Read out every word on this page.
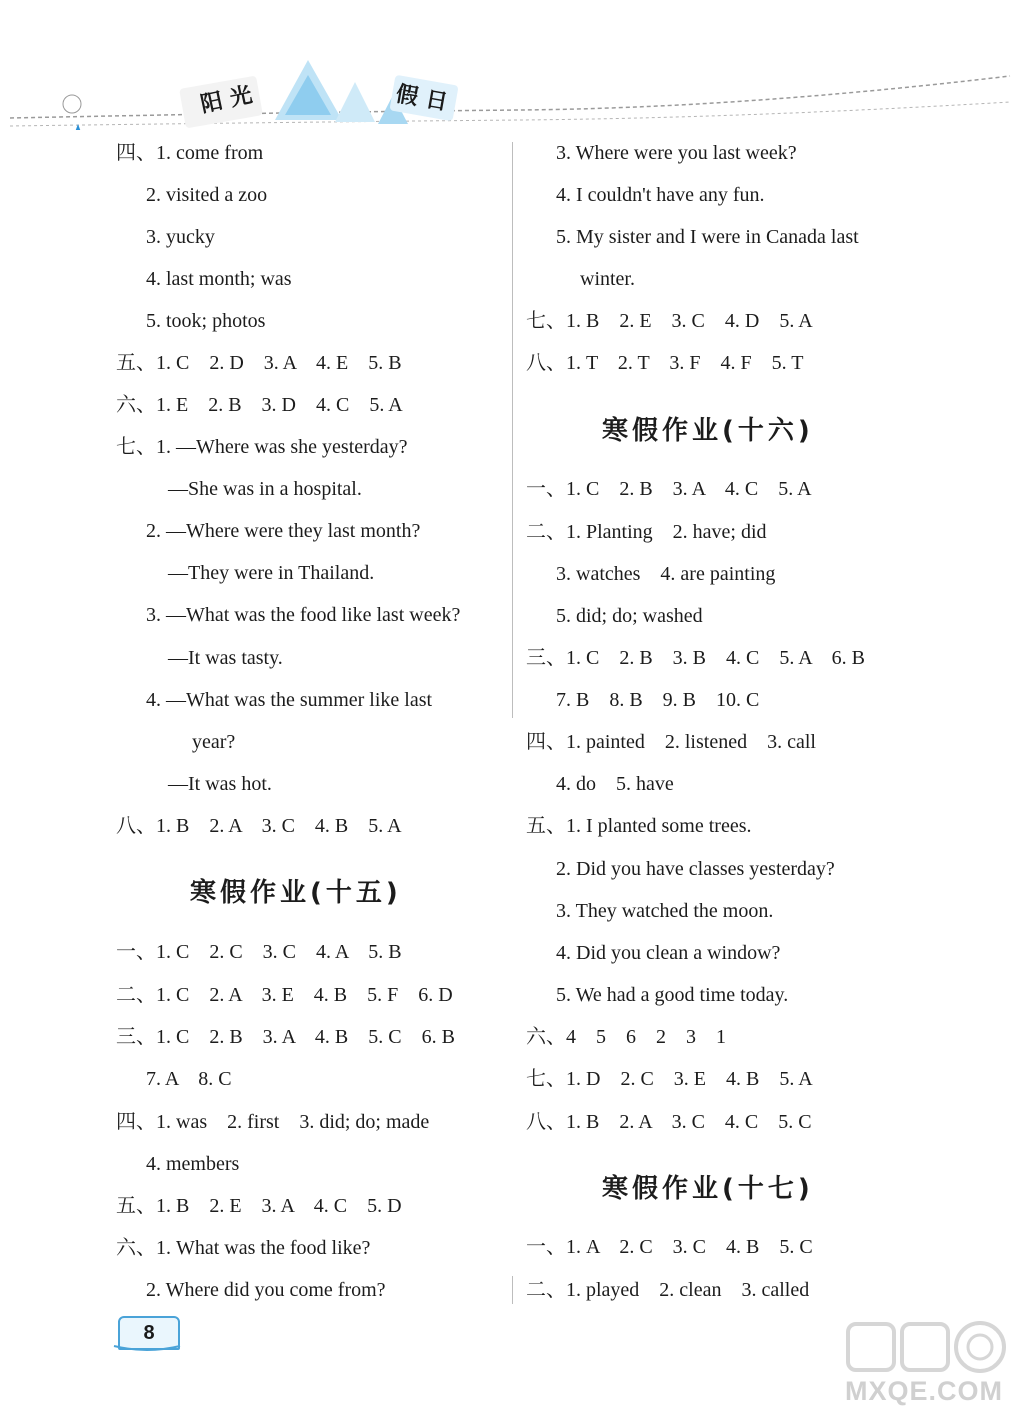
阳光	假日
四、1. come from
2. visited a zoo
3. yucky
4. last month; was
5. took; photos
五、1. C    2. D    3. A    4. E    5. B
六、1. E    2. B    3. D    4. C    5. A
七、1. —Where was she yesterday?
—She was in a hospital.
2. —Where were they last month?
—They were in Thailand.
3. —What was the food like last week?
—It was tasty.
4. —What was the summer like last
year?
—It was hot.
八、1. B    2. A    3. C    4. B    5. A
寒假作业(十五)
一、1. C    2. C    3. C    4. A    5. B
二、1. C    2. A    3. E    4. B    5. F    6. D
三、1. C    2. B    3. A    4. B    5. C    6. B
7. A    8. C
四、1. was    2. first    3. did; do; made
4. members
五、1. B    2. E    3. A    4. C    5. D
六、1. What was the food like?
2. Where did you come from?
3. Where were you last week?
4. I couldn't have any fun.
5. My sister and I were in Canada last
winter.
七、1. B    2. E    3. C    4. D    5. A
八、1. T    2. T    3. F    4. F    5. T
寒假作业(十六)
一、1. C    2. B    3. A    4. C    5. A
二、1. Planting    2. have; did
3. watches    4. are painting
5. did; do; washed
三、1. C    2. B    3. B    4. C    5. A    6. B
7. B    8. B    9. B    10. C
四、1. painted    2. listened    3. call
4. do    5. have
五、1. I planted some trees.
2. Did you have classes yesterday?
3. They watched the moon.
4. Did you clean a window?
5. We had a good time today.
六、4    5    6    2    3    1
七、1. D    2. C    3. E    4. B    5. A
八、1. B    2. A    3. C    4. C    5. C
寒假作业(十七)
一、1. A    2. C    3. C    4. B    5. C
二、1. played    2. clean    3. called
8
MXQE.COM
